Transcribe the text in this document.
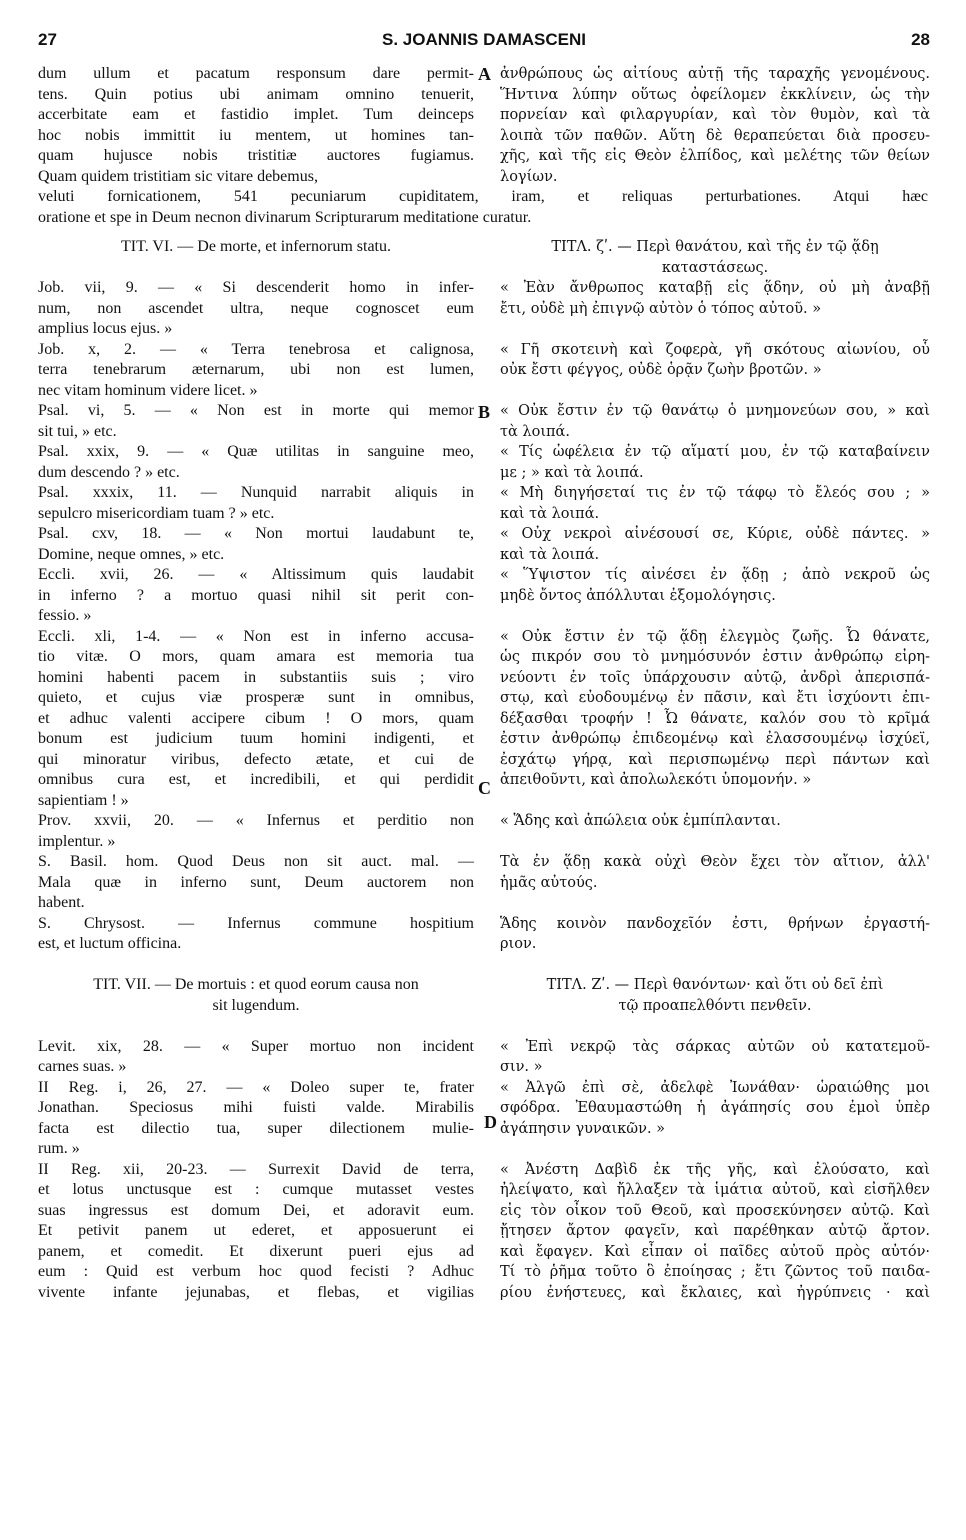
27	S. JOANNIS DAMASCENI	28
dum ullum et pacatum responsum dare permit-
tens. Quin potius ubi animam omnino tenuerit,
accerbitate eam et fastidio implet. Tum deinceps
hoc nobis immittit iu mentem, ut homines tan-
quam hujusce nobis tristitiæ auctores fugiamus.
Quam quidem tristitiam sic vitare debemus,
ἀνθρώπους ὡς αἰτίους αὐτῇ τῆς ταραχῆς γενομένους.
Ἥντινα λύπην οὕτως ὀφείλομεν ἐκκλίνειν, ὡς τὴν
πορνείαν καὶ φιλαργυρίαν, καὶ τὸν θυμὸν, καὶ τὰ
λοιπὰ τῶν παθῶν. Αὕτη δὲ θεραπεύεται διὰ προσευ-
χῆς, καὶ τῆς εἰς Θεὸν ἐλπίδος, καὶ μελέτης τῶν θείων
λογίων.
veluti fornicationem, 541 pecuniarum cupiditatem, iram, et reliquas perturbationes. Atqui hæc
oratione et spe in Deum necnon divinarum Scripturarum meditatione curatur.
TIT. VI. — De morte, et infernorum statu.
Job. vii, 9. — « Si descenderit homo in infer-
num, non ascendet ultra, neque cognoscet eum
amplius locus ejus. »
Job. x, 2. — « Terra tenebrosa et calignosa,
terra tenebrarum æternarum, ubi non est lumen,
nec vitam hominum videre licet. »
Psal. vi, 5. — « Non est in morte qui memor
sit tui, » etc.
Psal. xxix, 9. — « Quæ utilitas in sanguine meo,
dum descendo ? » etc.
Psal. xxxix, 11. — Nunquid narrabit aliquis in
sepulcro misericordiam tuam ? » etc.
Psal. cxv, 18. — « Non mortui laudabunt te,
Domine, neque omnes, » etc.
Eccli. xvii, 26. — « Altissimum quis laudabit
in inferno ? a mortuo quasi nihil sit perit con-
fessio. »
Eccli. xli, 1-4. — « Non est in inferno accusa-
tio vitæ. O mors, quam amara est memoria tua
homini habenti pacem in substantiis suis ; viro
quieto, et cujus viæ prosperæ sunt in omnibus,
et adhuc valenti accipere cibum ! O mors, quam
bonum est judicium tuum homini indigenti, et
qui minoratur viribus, defecto ætate, et cui de
omnibus cura est, et incredibili, et qui perdidit
sapientiam ! »
Prov. xxvii, 20. — « Infernus et perditio non
implentur. »
S. Basil. hom. Quod Deus non sit auct. mal. —
Mala quæ in inferno sunt, Deum auctorem non
habent.
S. Chrysost. — Infernus commune hospitium
est, et luctum officina.
TIT. VII. — De mortuis : et quod eorum causa non
sit lugendum.
Levit. xix, 28. — « Super mortuo non incident
carnes suas. »
II Reg. i, 26, 27. — « Doleo super te, frater
Jonathan. Speciosus mihi fuisti valde. Mirabilis
facta est dilectio tua, super dilectionem mulie-
rum. »
II Reg. xii, 20-23. — Surrexit David de terra,
et lotus unctusque est : cumque mutasset vestes
suas ingressus est domum Dei, et adoravit eum.
Et petivit panem ut ederet, et apposuerunt ei
panem, et comedit. Et dixerunt pueri ejus ad
eum : Quid est verbum hoc quod fecisti ? Adhuc
vivente infante jejunabas, et flebas, et vigilias
ΤΙΤΛ. ζʹ. — Περὶ θανάτου, καὶ τῆς ἐν τῷ ᾅδῃ
καταστάσεως.
« Ἐὰν ἄνθρωπος καταβῇ εἰς ᾅδην, οὐ μὴ ἀναβῇ
ἔτι, οὐδὲ μὴ ἐπιγνῷ αὐτὸν ὁ τόπος αὐτοῦ. »
« Γῆ σκοτεινὴ καὶ ζοφερὰ, γῆ σκότους αἰωνίου, οὗ
οὐκ ἔστι φέγγος, οὐδὲ ὁρᾷν ζωὴν βροτῶν. »
« Οὐκ ἔστιν ἐν τῷ θανάτῳ ὁ μνημονεύων σου, » καὶ
τὰ λοιπά.
« Τίς ὠφέλεια ἐν τῷ αἵματί μου, ἐν τῷ καταβαίνειν
με ; » καὶ τὰ λοιπά.
« Μὴ διηγήσεταί τις ἐν τῷ τάφῳ τὸ ἔλεός σου ; »
καὶ τὰ λοιπά.
« Οὐχ νεκροὶ αἰνέσουσί σε, Κύριε, οὐδὲ πάντες. »
καὶ τὰ λοιπά.
« Ὕψιστον τίς αἰνέσει ἐν ᾅδῃ ; ἀπὸ νεκροῦ ὡς
μηδὲ ὄντος ἀπόλλυται ἐξομολόγησις.
« Οὐκ ἔστιν ἐν τῷ ᾅδῃ ἐλεγμὸς ζωῆς. Ὦ θάνατε,
ὡς πικρόν σου τὸ μνημόσυνόν ἐστιν ἀνθρώπῳ εἰρη-
νεύοντι ἐν τοῖς ὑπάρχουσιν αὐτῷ, ἀνδρὶ ἀπερισπά-
στῳ, καὶ εὐοδουμένῳ ἐν πᾶσιν, καὶ ἔτι ἰσχύοντι ἐπι-
δέξασθαι τροφήν ! Ὦ θάνατε, καλόν σου τὸ κρῖμά
ἐστιν ἀνθρώπῳ ἐπιδεομένῳ καὶ ἐλασσουμένῳ ἰσχύεϊ,
ἐσχάτῳ γήρᾳ, καὶ περισπωμένῳ περὶ πάντων καὶ
ἀπειθοῦντι, καὶ ἀπολωλεκότι ὑπομονήν. »
« Ἅδης καὶ ἀπώλεια οὐκ ἐμπίπλανται.
Τὰ ἐν ᾅδῃ κακὰ οὐχὶ Θεὸν ἔχει τὸν αἴτιον, ἀλλ'
ἡμᾶς αὐτούς.
Ἅδης κοινὸν πανδοχεῖόν ἐστι, θρήνων ἐργαστή-
ριον.
ΤΙΤΛ. Ζʹ. — Περὶ θανόντων· καὶ ὅτι οὐ δεῖ ἐπὶ
τῷ προαπελθόντι πενθεῖν.
« Ἐπὶ νεκρῷ τὰς σάρκας αὐτῶν οὐ κατατεμοῦ-
σιν. »
« Ἀλγῶ ἐπὶ σὲ, ἀδελφὲ Ἰωνάθαν· ὡραιώθης μοι
σφόδρα. Ἐθαυμαστώθη ἡ ἀγάπησίς σου ἐμοὶ ὑπὲρ
ἀγάπησιν γυναικῶν. »
« Ἀνέστη Δαβὶδ ἐκ τῆς γῆς, καὶ ἐλούσατο, καὶ
ἠλείψατο, καὶ ἤλλαξεν τὰ ἱμάτια αὐτοῦ, καὶ εἰσῆλθεν
εἰς τὸν οἶκον τοῦ Θεοῦ, καὶ προσεκύνησεν αὐτῷ. Καὶ
ᾔτησεν ἄρτον φαγεῖν, καὶ παρέθηκαν αὐτῷ ἄρτον.
καὶ ἔφαγεν. Καὶ εἶπαν οἱ παῖδες αὐτοῦ πρὸς αὐτόν·
Τί τὸ ῥῆμα τοῦτο ὃ ἐποίησας ; ἔτι ζῶντος τοῦ παιδα-
ρίου ἐνήστευες, καὶ ἔκλαιες, καὶ ἠγρύπνεις · καὶ
A
B
C
D
